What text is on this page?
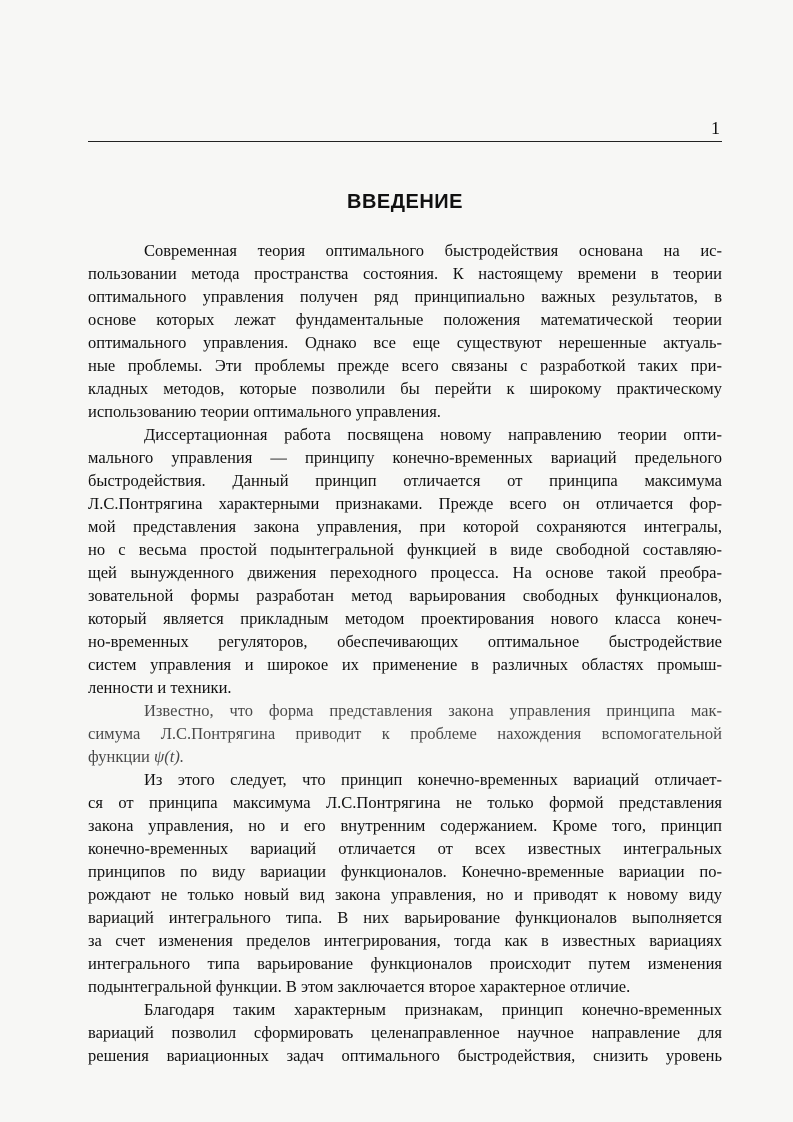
1
ВВЕДЕНИЕ
Современная теория оптимального быстродействия основана на ис-
пользовании метода пространства состояния. К настоящему времени в теории
оптимального управления получен ряд принципиально важных результатов, в
основе которых лежат фундаментальные положения математической теории
оптимального управления. Однако все еще существуют нерешенные актуаль-
ные проблемы. Эти проблемы прежде всего связаны с разработкой таких при-
кладных методов, которые позволили бы перейти к широкому практическому
использованию теории оптимального управления.
Диссертационная работа посвящена новому направлению теории опти-
мального управления — принципу конечно-временных вариаций предельного
быстродействия. Данный принцип отличается от принципа максимума
Л.С.Понтрягина характерными признаками. Прежде всего он отличается фор-
мой представления закона управления, при которой сохраняются интегралы,
но с весьма простой подынтегральной функцией в виде свободной составляю-
щей вынужденного движения переходного процесса. На основе такой преобра-
зовательной формы разработан метод варьирования свободных функционалов,
который является прикладным методом проектирования нового класса конеч-
но-временных регуляторов, обеспечивающих оптимальное быстродействие
систем управления и широкое их применение в различных областях промыш-
ленности и техники.
Известно, что форма представления закона управления принципа мак-
симума Л.С.Понтрягина приводит к проблеме нахождения вспомогательной
функции ψ(t).
Из этого следует, что принцип конечно-временных вариаций отличает-
ся от принципа максимума Л.С.Понтрягина не только формой представления
закона управления, но и его внутренним содержанием. Кроме того, принцип
конечно-временных вариаций отличается от всех известных интегральных
принципов по виду вариации функционалов. Конечно-временные вариации по-
рождают не только новый вид закона управления, но и приводят к новому виду
вариаций интегрального типа. В них варьирование функционалов выполняется
за счет изменения пределов интегрирования, тогда как в известных вариациях
интегрального типа варьирование функционалов происходит путем изменения
подынтегральной функции. В этом заключается второе характерное отличие.
Благодаря таким характерным признакам, принцип конечно-временных
вариаций позволил сформировать целенаправленное научное направление для
решения вариационных задач оптимального быстродействия, снизить уровень
